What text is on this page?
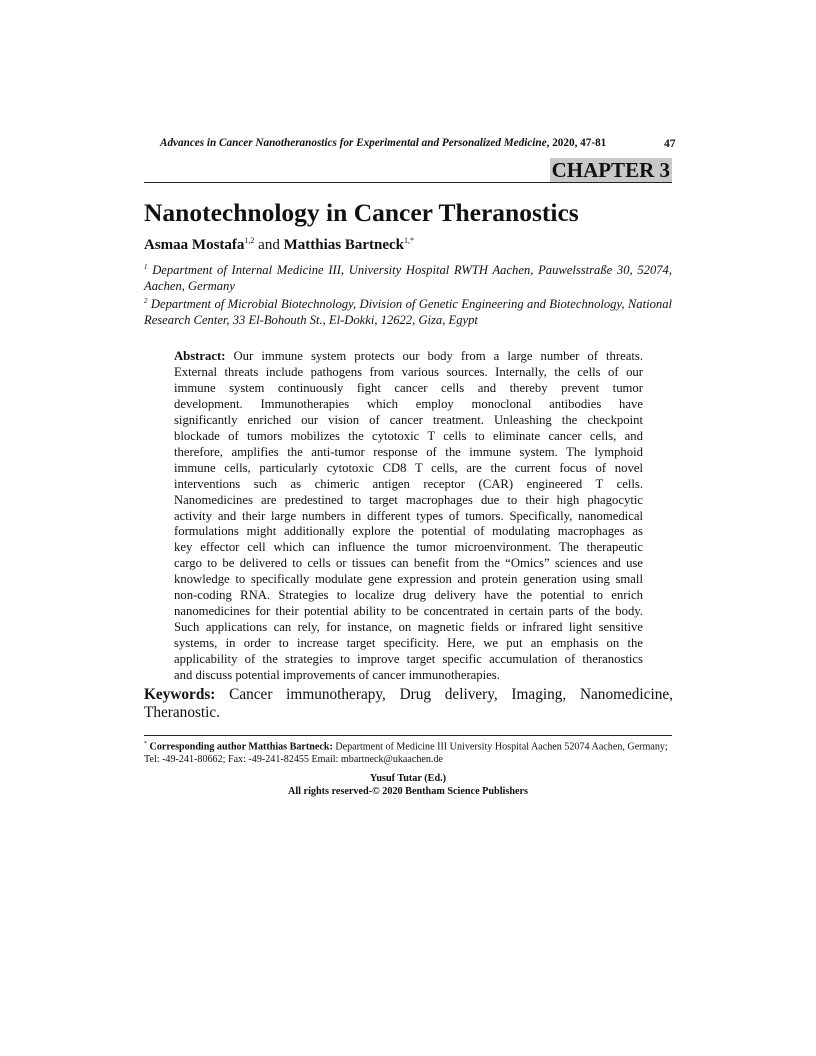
Advances in Cancer Nanotheranostics for Experimental and Personalized Medicine, 2020, 47-81	47
CHAPTER 3
Nanotechnology in Cancer Theranostics
Asmaa Mostafa$^{1,2}$ and Matthias Bartneck$^{1,*}$
$^1$ Department of Internal Medicine III, University Hospital RWTH Aachen, Pauwelsstraße 30, 52074, Aachen, Germany
$^2$ Department of Microbial Biotechnology, Division of Genetic Engineering and Biotechnology, National Research Center, 33 El-Bohouth St., El-Dokki, 12622, Giza, Egypt
Abstract: Our immune system protects our body from a large number of threats.
External threats include pathogens from various sources. Internally, the cells of our
immune system continuously fight cancer cells and thereby prevent tumor
development. Immunotherapies which employ monoclonal antibodies have
significantly enriched our vision of cancer treatment. Unleashing the checkpoint
blockade of tumors mobilizes the cytotoxic T cells to eliminate cancer cells, and
therefore, amplifies the anti-tumor response of the immune system. The lymphoid
immune cells, particularly cytotoxic CD8 T cells, are the current focus of novel
interventions such as chimeric antigen receptor (CAR) engineered T cells.
Nanomedicines are predestined to target macrophages due to their high phagocytic
activity and their large numbers in different types of tumors. Specifically, nanomedical
formulations might additionally explore the potential of modulating macrophages as
key effector cell which can influence the tumor microenvironment. The therapeutic
cargo to be delivered to cells or tissues can benefit from the “Omics” sciences and use
knowledge to specifically modulate gene expression and protein generation using small
non-coding RNA. Strategies to localize drug delivery have the potential to enrich
nanomedicines for their potential ability to be concentrated in certain parts of the body.
Such applications can rely, for instance, on magnetic fields or infrared light sensitive
systems, in order to increase target specificity. Here, we put an emphasis on the
applicability of the strategies to improve target specific accumulation of theranostics
and discuss potential improvements of cancer immunotherapies.
Keywords: Cancer immunotherapy, Drug delivery, Imaging, Nanomedicine, Theranostic.
* Corresponding author Matthias Bartneck: Department of Medicine III University Hospital Aachen 52074 Aachen, Germany; Tel: -49-241-80662; Fax: -49-241-82455 Email: mbartneck@ukaachen.de
Yusuf Tutar (Ed.)
All rights reserved-© 2020 Bentham Science Publishers
